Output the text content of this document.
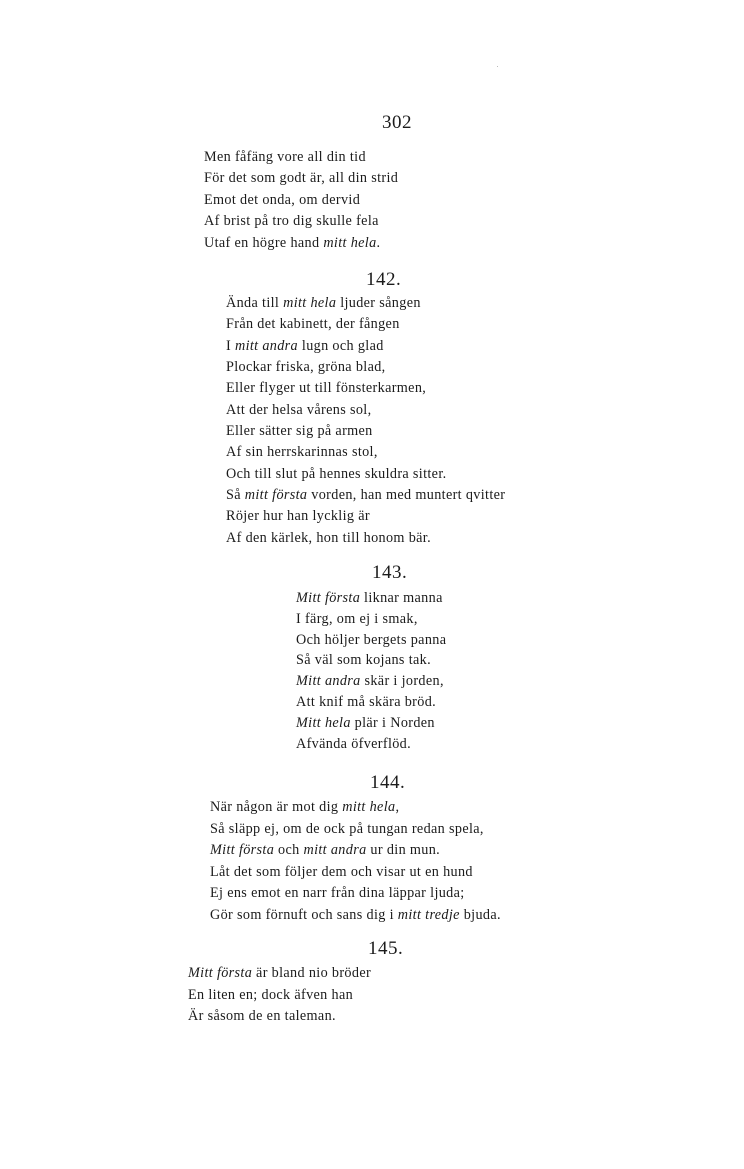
302
Men fåfäng vore all din tid
För det som godt är, all din strid
Emot det onda, om dervid
Af brist på tro dig skulle fela
Utaf en högre hand mitt hela.
142.
Ända till mitt hela ljuder sången
Från det kabinett, der fången
I mitt andra lugn och glad
Plockar friska, gröna blad,
Eller flyger ut till fönsterkarmen,
Att der helsa vårens sol,
Eller sätter sig på armen
Af sin herrskarinnas stol,
Och till slut på hennes skuldra sitter.
Så mitt första vorden, han med muntert qvitter
Röjer hur han lycklig är
Af den kärlek, hon till honom bär.
143.
Mitt första liknar manna
I färg, om ej i smak,
Och höljer bergets panna
Så väl som kojans tak.
Mitt andra skär i jorden,
Att knif må skära bröd.
Mitt hela plär i Norden
Afvända öfverflöd.
144.
När någon är mot dig mitt hela,
Så släpp ej, om de ock på tungan redan spela,
Mitt första och mitt andra ur din mun.
Låt det som följer dem och visar ut en hund
Ej ens emot en narr från dina läppar ljuda;
Gör som förnuft och sans dig i mitt tredje bjuda.
145.
Mitt första är bland nio bröder
En liten en; dock äfven han
Är såsom de en taleman.
